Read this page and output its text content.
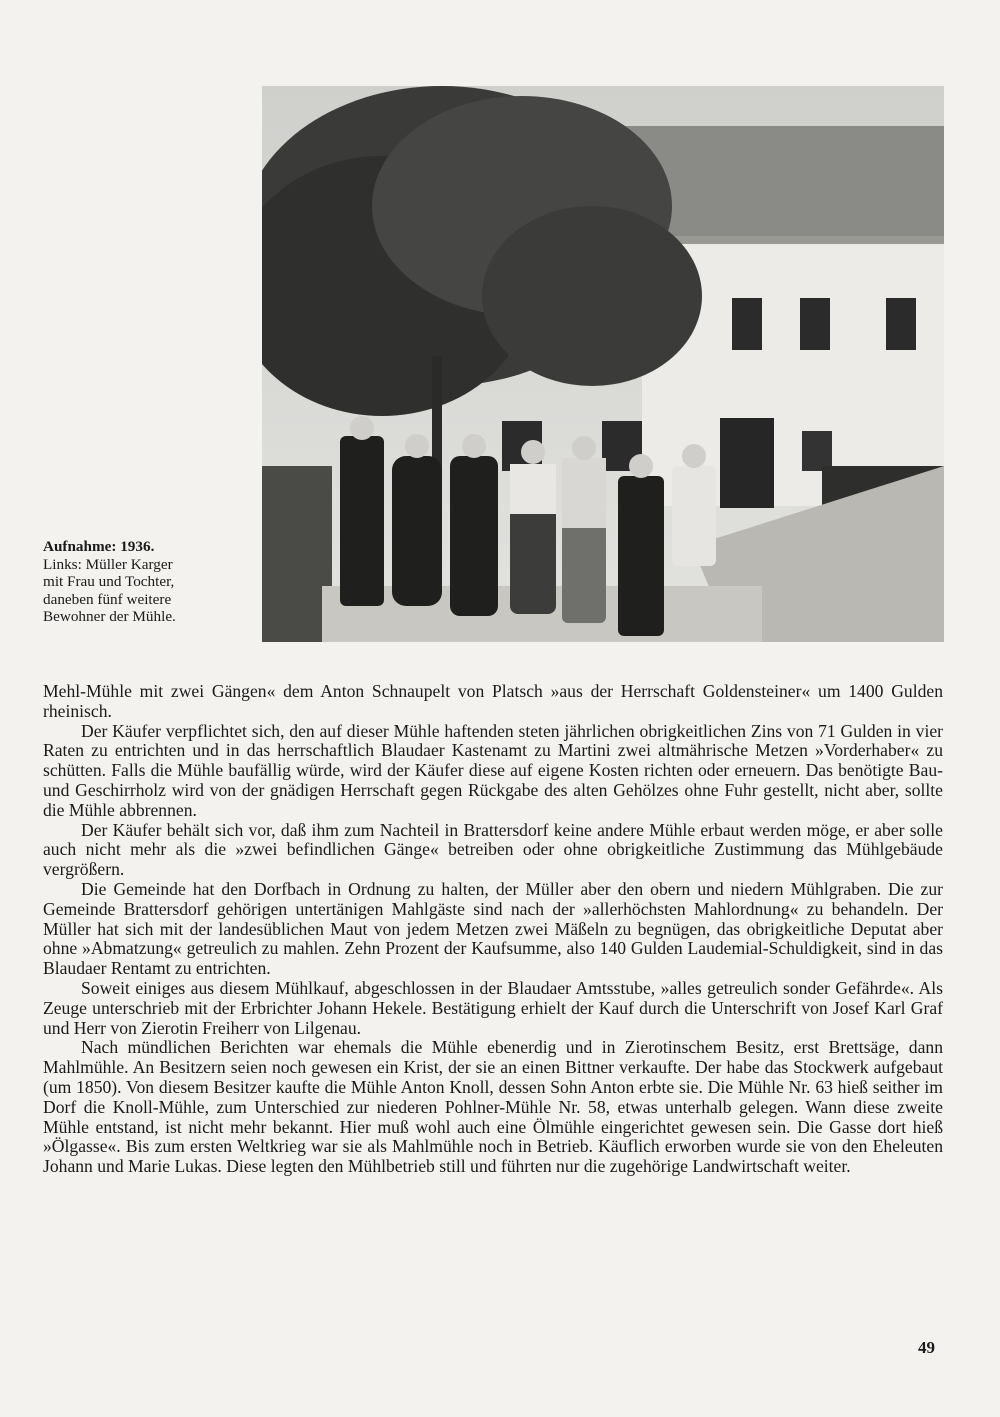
Aufnahme: 1936.
Links: Müller Karger
mit Frau und Tochter,
daneben fünf weitere
Bewohner der Mühle.

Mehl-Mühle mit zwei Gängen« dem Anton Schnaupelt von Platsch »aus der Herrschaft Goldensteiner« um 1400 Gulden rheinisch.

Der Käufer verpflichtet sich, den auf dieser Mühle haftenden steten jährlichen obrigkeitlichen Zins von 71 Gulden in vier Raten zu entrichten und in das herrschaftlich Blaudaer Kastenamt zu Martini zwei altmährische Metzen »Vorderhaber« zu schütten. Falls die Mühle baufällig würde, wird der Käufer diese auf eigene Kosten richten oder erneuern. Das benötigte Bau- und Geschirrholz wird von der gnädigen Herrschaft gegen Rückgabe des alten Gehölzes ohne Fuhr gestellt, nicht aber, sollte die Mühle abbrennen.

Der Käufer behält sich vor, daß ihm zum Nachteil in Brattersdorf keine andere Mühle erbaut werden möge, er aber solle auch nicht mehr als die »zwei befindlichen Gänge« betreiben oder ohne obrigkeitliche Zustimmung das Mühlgebäude vergrößern.

Die Gemeinde hat den Dorfbach in Ordnung zu halten, der Müller aber den obern und niedern Mühlgraben. Die zur Gemeinde Brattersdorf gehörigen untertänigen Mahlgäste sind nach der »allerhöchsten Mahlordnung« zu behandeln. Der Müller hat sich mit der landesüblichen Maut von jedem Metzen zwei Mäßeln zu begnügen, das obrigkeitliche Deputat aber ohne »Abmatzung« getreulich zu mahlen. Zehn Prozent der Kaufsumme, also 140 Gulden Laudemial-Schuldigkeit, sind in das Blaudaer Rentamt zu entrichten.

Soweit einiges aus diesem Mühlkauf, abgeschlossen in der Blaudaer Amtsstube, »alles getreulich sonder Gefährde«. Als Zeuge unterschrieb mit der Erbrichter Johann Hekele. Bestätigung erhielt der Kauf durch die Unterschrift von Josef Karl Graf und Herr von Zierotin Freiherr von Lilgenau.

Nach mündlichen Berichten war ehemals die Mühle ebenerdig und in Zierotinschem Besitz, erst Brettsäge, dann Mahlmühle. An Besitzern seien noch gewesen ein Krist, der sie an einen Bittner verkaufte. Der habe das Stockwerk aufgebaut (um 1850). Von diesem Besitzer kaufte die Mühle Anton Knoll, dessen Sohn Anton erbte sie. Die Mühle Nr. 63 hieß seither im Dorf die Knoll-Mühle, zum Unterschied zur niederen Pohlner-Mühle Nr. 58, etwas unterhalb gelegen. Wann diese zweite Mühle entstand, ist nicht mehr bekannt. Hier muß wohl auch eine Ölmühle eingerichtet gewesen sein. Die Gasse dort hieß »Ölgasse«. Bis zum ersten Weltkrieg war sie als Mahlmühle noch in Betrieb. Käuflich erworben wurde sie von den Eheleuten Johann und Marie Lukas. Diese legten den Mühlbetrieb still und führten nur die zugehörige Landwirtschaft weiter.

49
